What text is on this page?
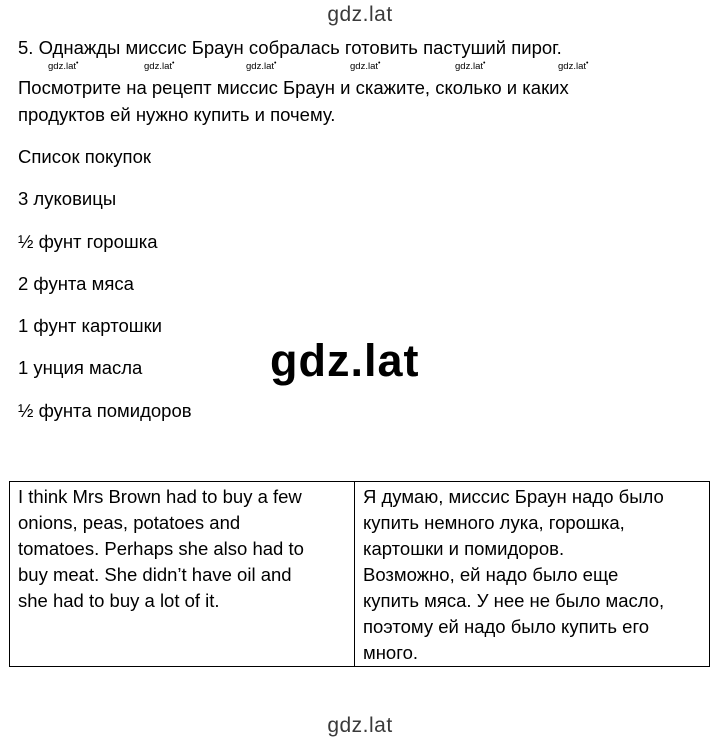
gdz.lat
5. Однажды миссис Браун собралась готовить пастуший пирог.
gdz.lat•	gdz.lat•	gdz.lat•	gdz.lat•	gdz.lat•	gdz.lat•
Посмотрите на рецепт миссис Браун и скажите, сколько и каких
продуктов ей нужно купить и почему.
Список покупок
3 луковицы
½ фунт горошка
2 фунта мяса
1 фунт картошки
1 унция масла
½ фунта помидоров
gdz.lat
I think Mrs Brown had to buy a few
onions, peas, potatoes and
tomatoes. Perhaps she also had to
buy meat. She didn’t have oil and
she had to buy a lot of it.

Я думаю, миссис Браун надо было
купить немного лука, горошка,
картошки и помидоров.
Возможно, ей надо было еще
купить мяса. У нее не было масло,
поэтому ей надо было купить его
много.
gdz.lat
